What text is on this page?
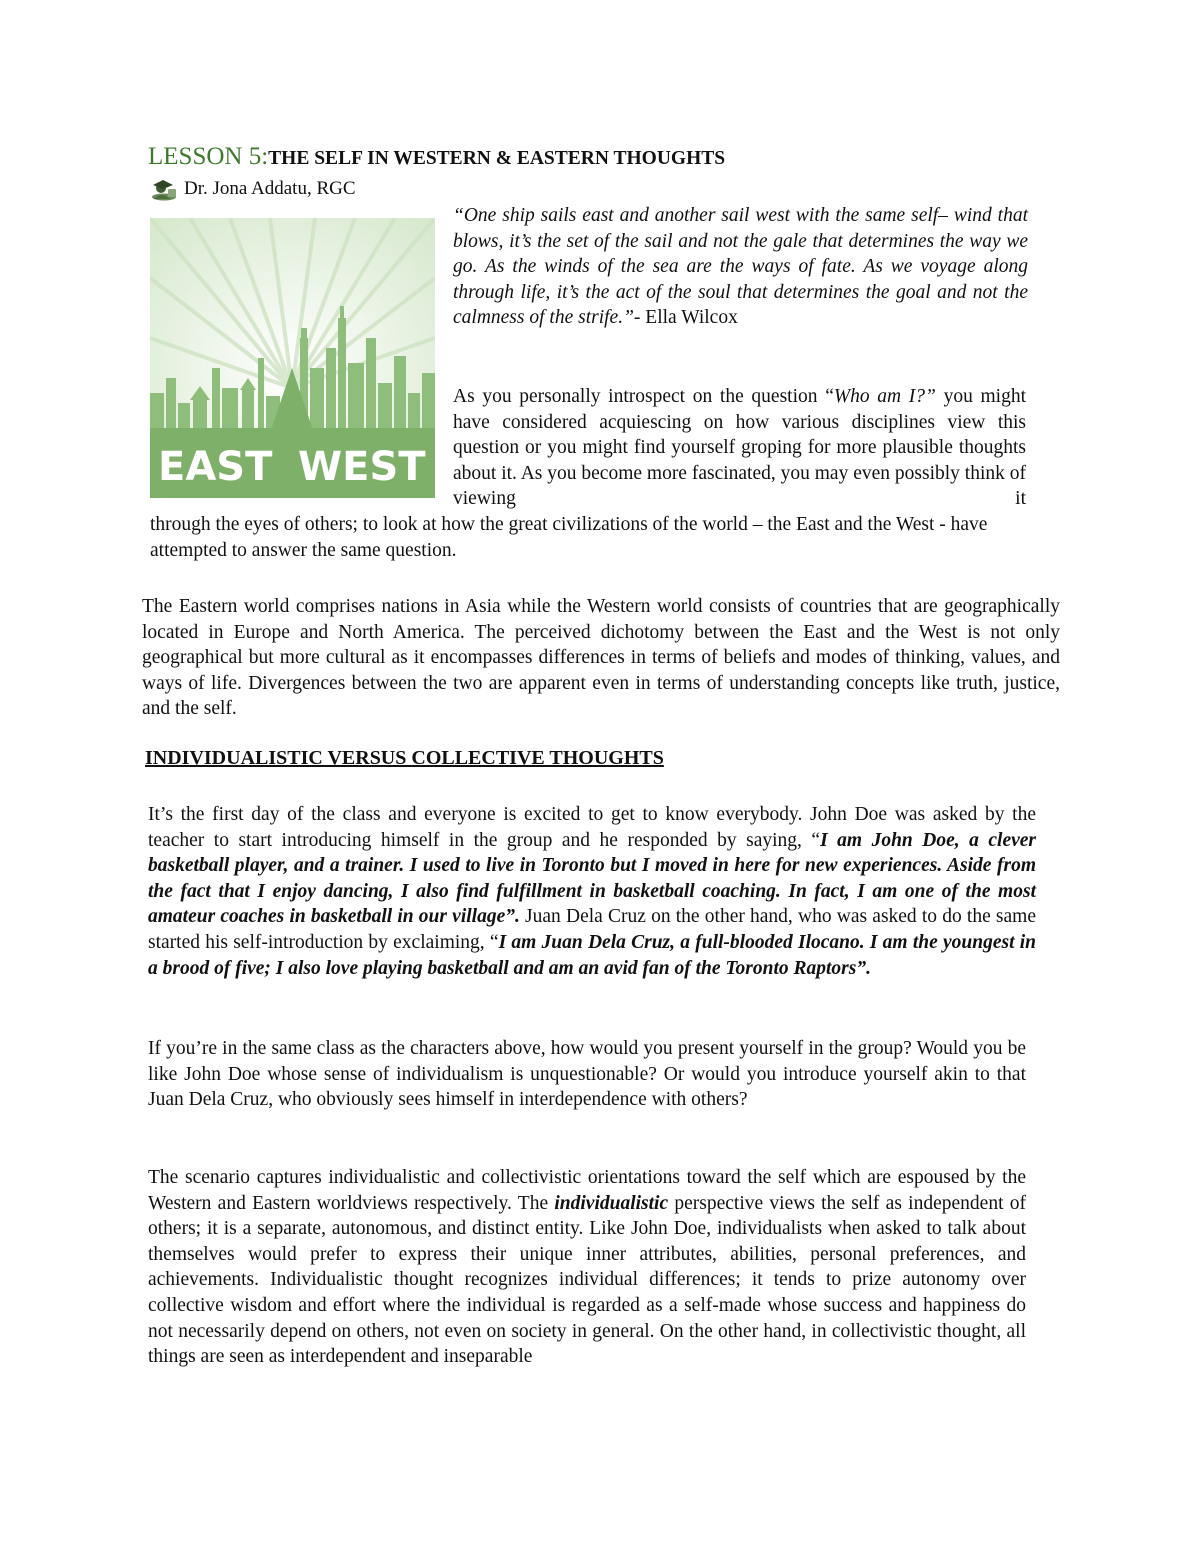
LESSON 5:THE SELF IN WESTERN & EASTERN THOUGHTS
Dr. Jona Addatu, RGC
EAST WEST
“One ship sails east and another sail west with the same self– wind that blows, it’s the set of the sail and not the gale that determines the way we go. As the winds of the sea are the ways of fate. As we voyage along through life, it’s the act of the soul that determines the goal and not the calmness of the strife.”- Ella Wilcox
As you personally introspect on the question “Who am I?” you might have considered acquiescing on how various disciplines view this question or you might find yourself groping for more plausible thoughts about it. As you become more fascinated, you may even possibly think of viewing it
through the eyes of others; to look at how the great civilizations of the world – the East and the West - have attempted to answer the same question.
The Eastern world comprises nations in Asia while the Western world consists of countries that are geographically located in Europe and North America. The perceived dichotomy between the East and the West is not only geographical but more cultural as it encompasses differences in terms of beliefs and modes of thinking, values, and ways of life. Divergences between the two are apparent even in terms of understanding concepts like truth, justice, and the self.
INDIVIDUALISTIC VERSUS COLLECTIVE THOUGHTS
It’s the first day of the class and everyone is excited to get to know everybody. John Doe was asked by the teacher to start introducing himself in the group and he responded by saying, “I am John Doe, a clever basketball player, and a trainer. I used to live in Toronto but I moved in here for new experiences. Aside from the fact that I enjoy dancing, I also find fulfillment in basketball coaching. In fact, I am one of the most amateur coaches in basketball in our village”. Juan Dela Cruz on the other hand, who was asked to do the same started his self-introduction by exclaiming, “I am Juan Dela Cruz, a full-blooded Ilocano. I am the youngest in a brood of five; I also love playing basketball and am an avid fan of the Toronto Raptors”.
If you’re in the same class as the characters above, how would you present yourself in the group? Would you be like John Doe whose sense of individualism is unquestionable? Or would you introduce yourself akin to that Juan Dela Cruz, who obviously sees himself in interdependence with others?
The scenario captures individualistic and collectivistic orientations toward the self which are espoused by the Western and Eastern worldviews respectively. The individualistic perspective views the self as independent of others; it is a separate, autonomous, and distinct entity. Like John Doe, individualists when asked to talk about themselves would prefer to express their unique inner attributes, abilities, personal preferences, and achievements. Individualistic thought recognizes individual differences; it tends to prize autonomy over collective wisdom and effort where the individual is regarded as a self-made whose success and happiness do not necessarily depend on others, not even on society in general. On the other hand, in collectivistic thought, all things are seen as interdependent and inseparable
